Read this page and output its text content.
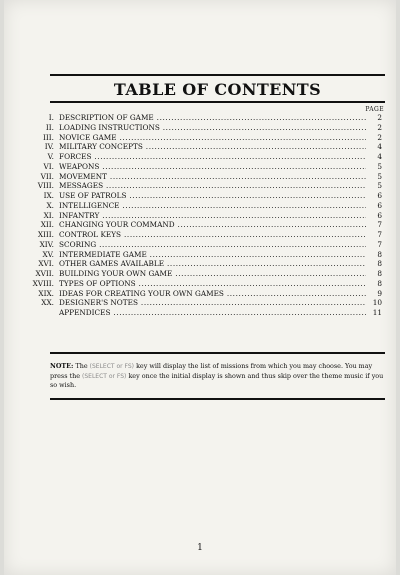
TABLE OF CONTENTS
PAGE
I. DESCRIPTION OF GAME .....	2
II. LOADING INSTRUCTIONS .....	2
III. NOVICE GAME .....	2
IV. MILITARY CONCEPTS .....	4
V. FORCES .....	4
VI. WEAPONS .....	5
VII. MOVEMENT .....	5
VIII. MESSAGES .....	5
IX. USE OF PATROLS .....	6
X. INTELLIGENCE .....	6
XI. INFANTRY .....	6
XII. CHANGING YOUR COMMAND .....	7
XIII. CONTROL KEYS .....	7
XIV. SCORING .....	7
XV. INTERMEDIATE GAME .....	8
XVI. OTHER GAMES AVAILABLE .....	8
XVII. BUILDING YOUR OWN GAME .....	8
XVIII. TYPES OF OPTIONS .....	8
XIX. IDEAS FOR CREATING YOUR OWN GAMES .....	9
XX. DESIGNER'S NOTES .....	10
APPENDICES .....	11
NOTE: The (SELECT or FS) key will display the list of missions from which you may choose. You may press the (SELECT or FS) key once the initial display is shown and thus skip over the theme music if you so wish.
1
